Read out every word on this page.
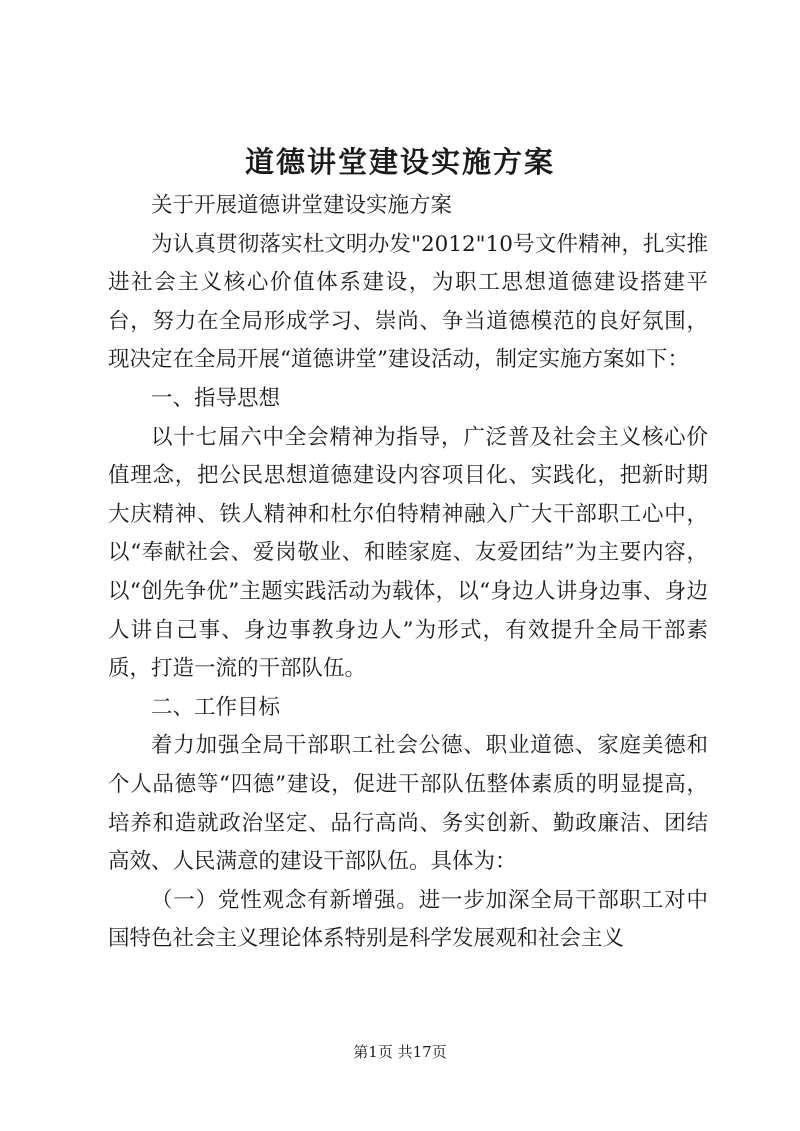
道德讲堂建设实施方案

关于开展道德讲堂建设实施方案

为认真贯彻落实杜文明办发"2012"10号文件精神，扎实推进社会主义核心价值体系建设，为职工思想道德建设搭建平台，努力在全局形成学习、崇尚、争当道德模范的良好氛围，现决定在全局开展“道德讲堂”建设活动，制定实施方案如下：

一、指导思想

以十七届六中全会精神为指导，广泛普及社会主义核心价值理念，把公民思想道德建设内容项目化、实践化，把新时期大庆精神、铁人精神和杜尔伯特精神融入广大干部职工心中，以“奉献社会、爱岗敬业、和睦家庭、友爱团结”为主要内容，以“创先争优”主题实践活动为载体，以“身边人讲身边事、身边人讲自己事、身边事教身边人”为形式，有效提升全局干部素质，打造一流的干部队伍。

二、工作目标

着力加强全局干部职工社会公德、职业道德、家庭美德和个人品德等“四德”建设，促进干部队伍整体素质的明显提高，培养和造就政治坚定、品行高尚、务实创新、勤政廉洁、团结高效、人民满意的建设干部队伍。具体为：

（一）党性观念有新增强。进一步加深全局干部职工对中国特色社会主义理论体系特别是科学发展观和社会主义

第1页 共17页
